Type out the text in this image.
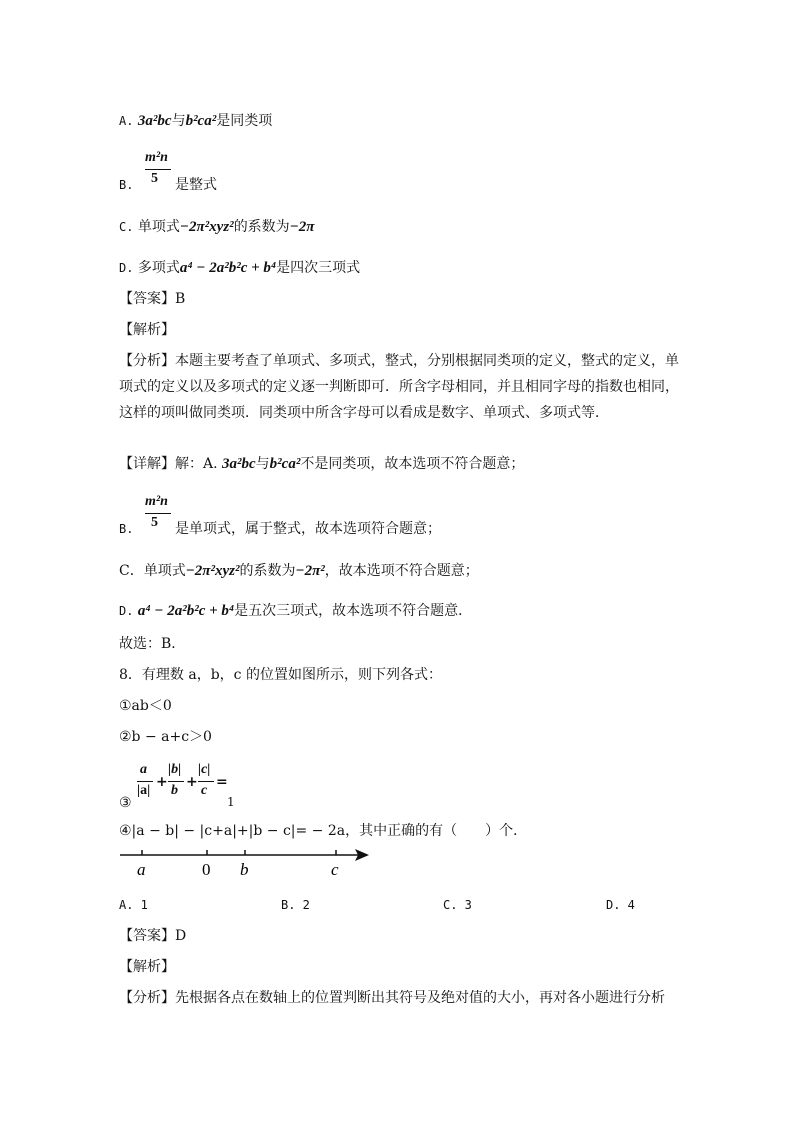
A. 3a²bc与b²ca²是同类项
B.
m²n
5 是整式
C. 单项式−2π²xyz²的系数为−2π
D. 多项式a⁴ − 2a²b²c + b⁴是四次三项式
【答案】B
【解析】
【分析】本题主要考查了单项式、多项式，整式，分别根据同类项的定义，整式的定义，单项式的定义以及多项式的定义逐一判断即可．所含字母相同，并且相同字母的指数也相同，这样的项叫做同类项．同类项中所含字母可以看成是数字、单项式、多项式等．
【详解】解：A. 3a²bc与b²ca²不是同类项，故本选项不符合题意；
B.
m²n
5 是单项式，属于整式，故本选项符合题意；
C．单项式−2π²xyz²的系数为−2π²，故本选项不符合题意；
D. a⁴ − 2a²b²c + b⁴是五次三项式，故本选项不符合题意．
故选：B．
8．有理数 a，b，c 的位置如图所示，则下列各式：
①ab＜0
②b − a+c＞0
③
a
|a|
+
|b|
b
+
|c|
c
=
1
④|a − b| − |c+a|+|b − c|= − 2a，其中正确的有（　　）个．
a	0 b	c
A. 1	B. 2	C. 3	D. 4
【答案】D
【解析】
【分析】先根据各点在数轴上的位置判断出其符号及绝对值的大小，再对各小题进行分析
